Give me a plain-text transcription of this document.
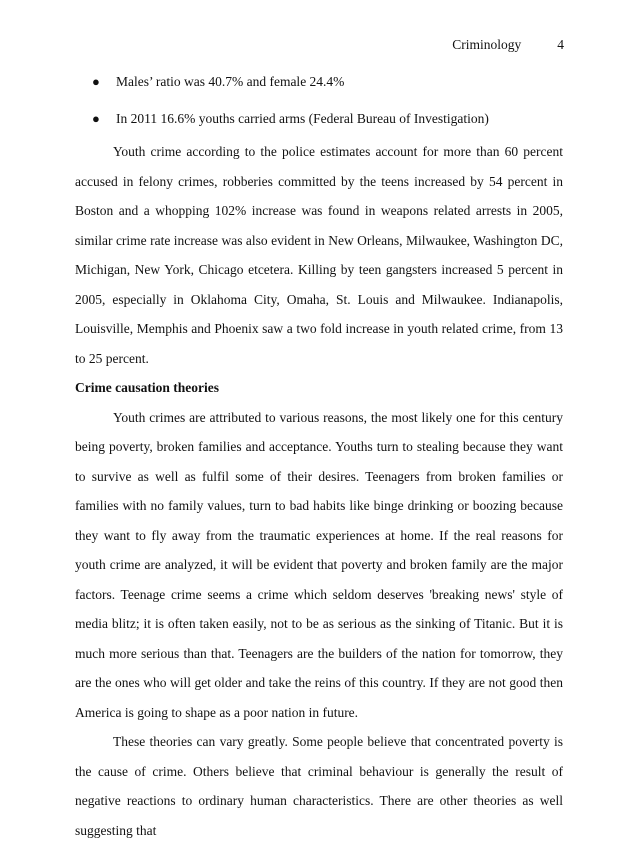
Criminology	4
● Males’ ratio was 40.7% and female 24.4%
● In 2011 16.6% youths carried arms (Federal Bureau of Investigation)

Youth crime according to the police estimates account for more than 60 percent accused in felony crimes, robberies committed by the teens increased by 54 percent in Boston and a whopping 102% increase was found in weapons related arrests in 2005, similar crime rate increase was also evident in New Orleans, Milwaukee, Washington DC, Michigan, New York, Chicago etcetera. Killing by teen gangsters increased 5 percent in 2005, especially in Oklahoma City, Omaha, St. Louis and Milwaukee. Indianapolis, Louisville, Memphis and Phoenix saw a two fold increase in youth related crime, from 13 to 25 percent.

Crime causation theories

Youth crimes are attributed to various reasons, the most likely one for this century being poverty, broken families and acceptance. Youths turn to stealing because they want to survive as well as fulfil some of their desires. Teenagers from broken families or families with no family values, turn to bad habits like binge drinking or boozing because they want to fly away from the traumatic experiences at home. If the real reasons for youth crime are analyzed, it will be evident that poverty and broken family are the major factors. Teenage crime seems a crime which seldom deserves 'breaking news' style of media blitz; it is often taken easily, not to be as serious as the sinking of Titanic. But it is much more serious than that. Teenagers are the builders of the nation for tomorrow, they are the ones who will get older and take the reins of this country. If they are not good then America is going to shape as a poor nation in future.

These theories can vary greatly. Some people believe that concentrated poverty is the cause of crime. Others believe that criminal behaviour is generally the result of negative reactions to ordinary human characteristics. There are other theories as well suggesting that
